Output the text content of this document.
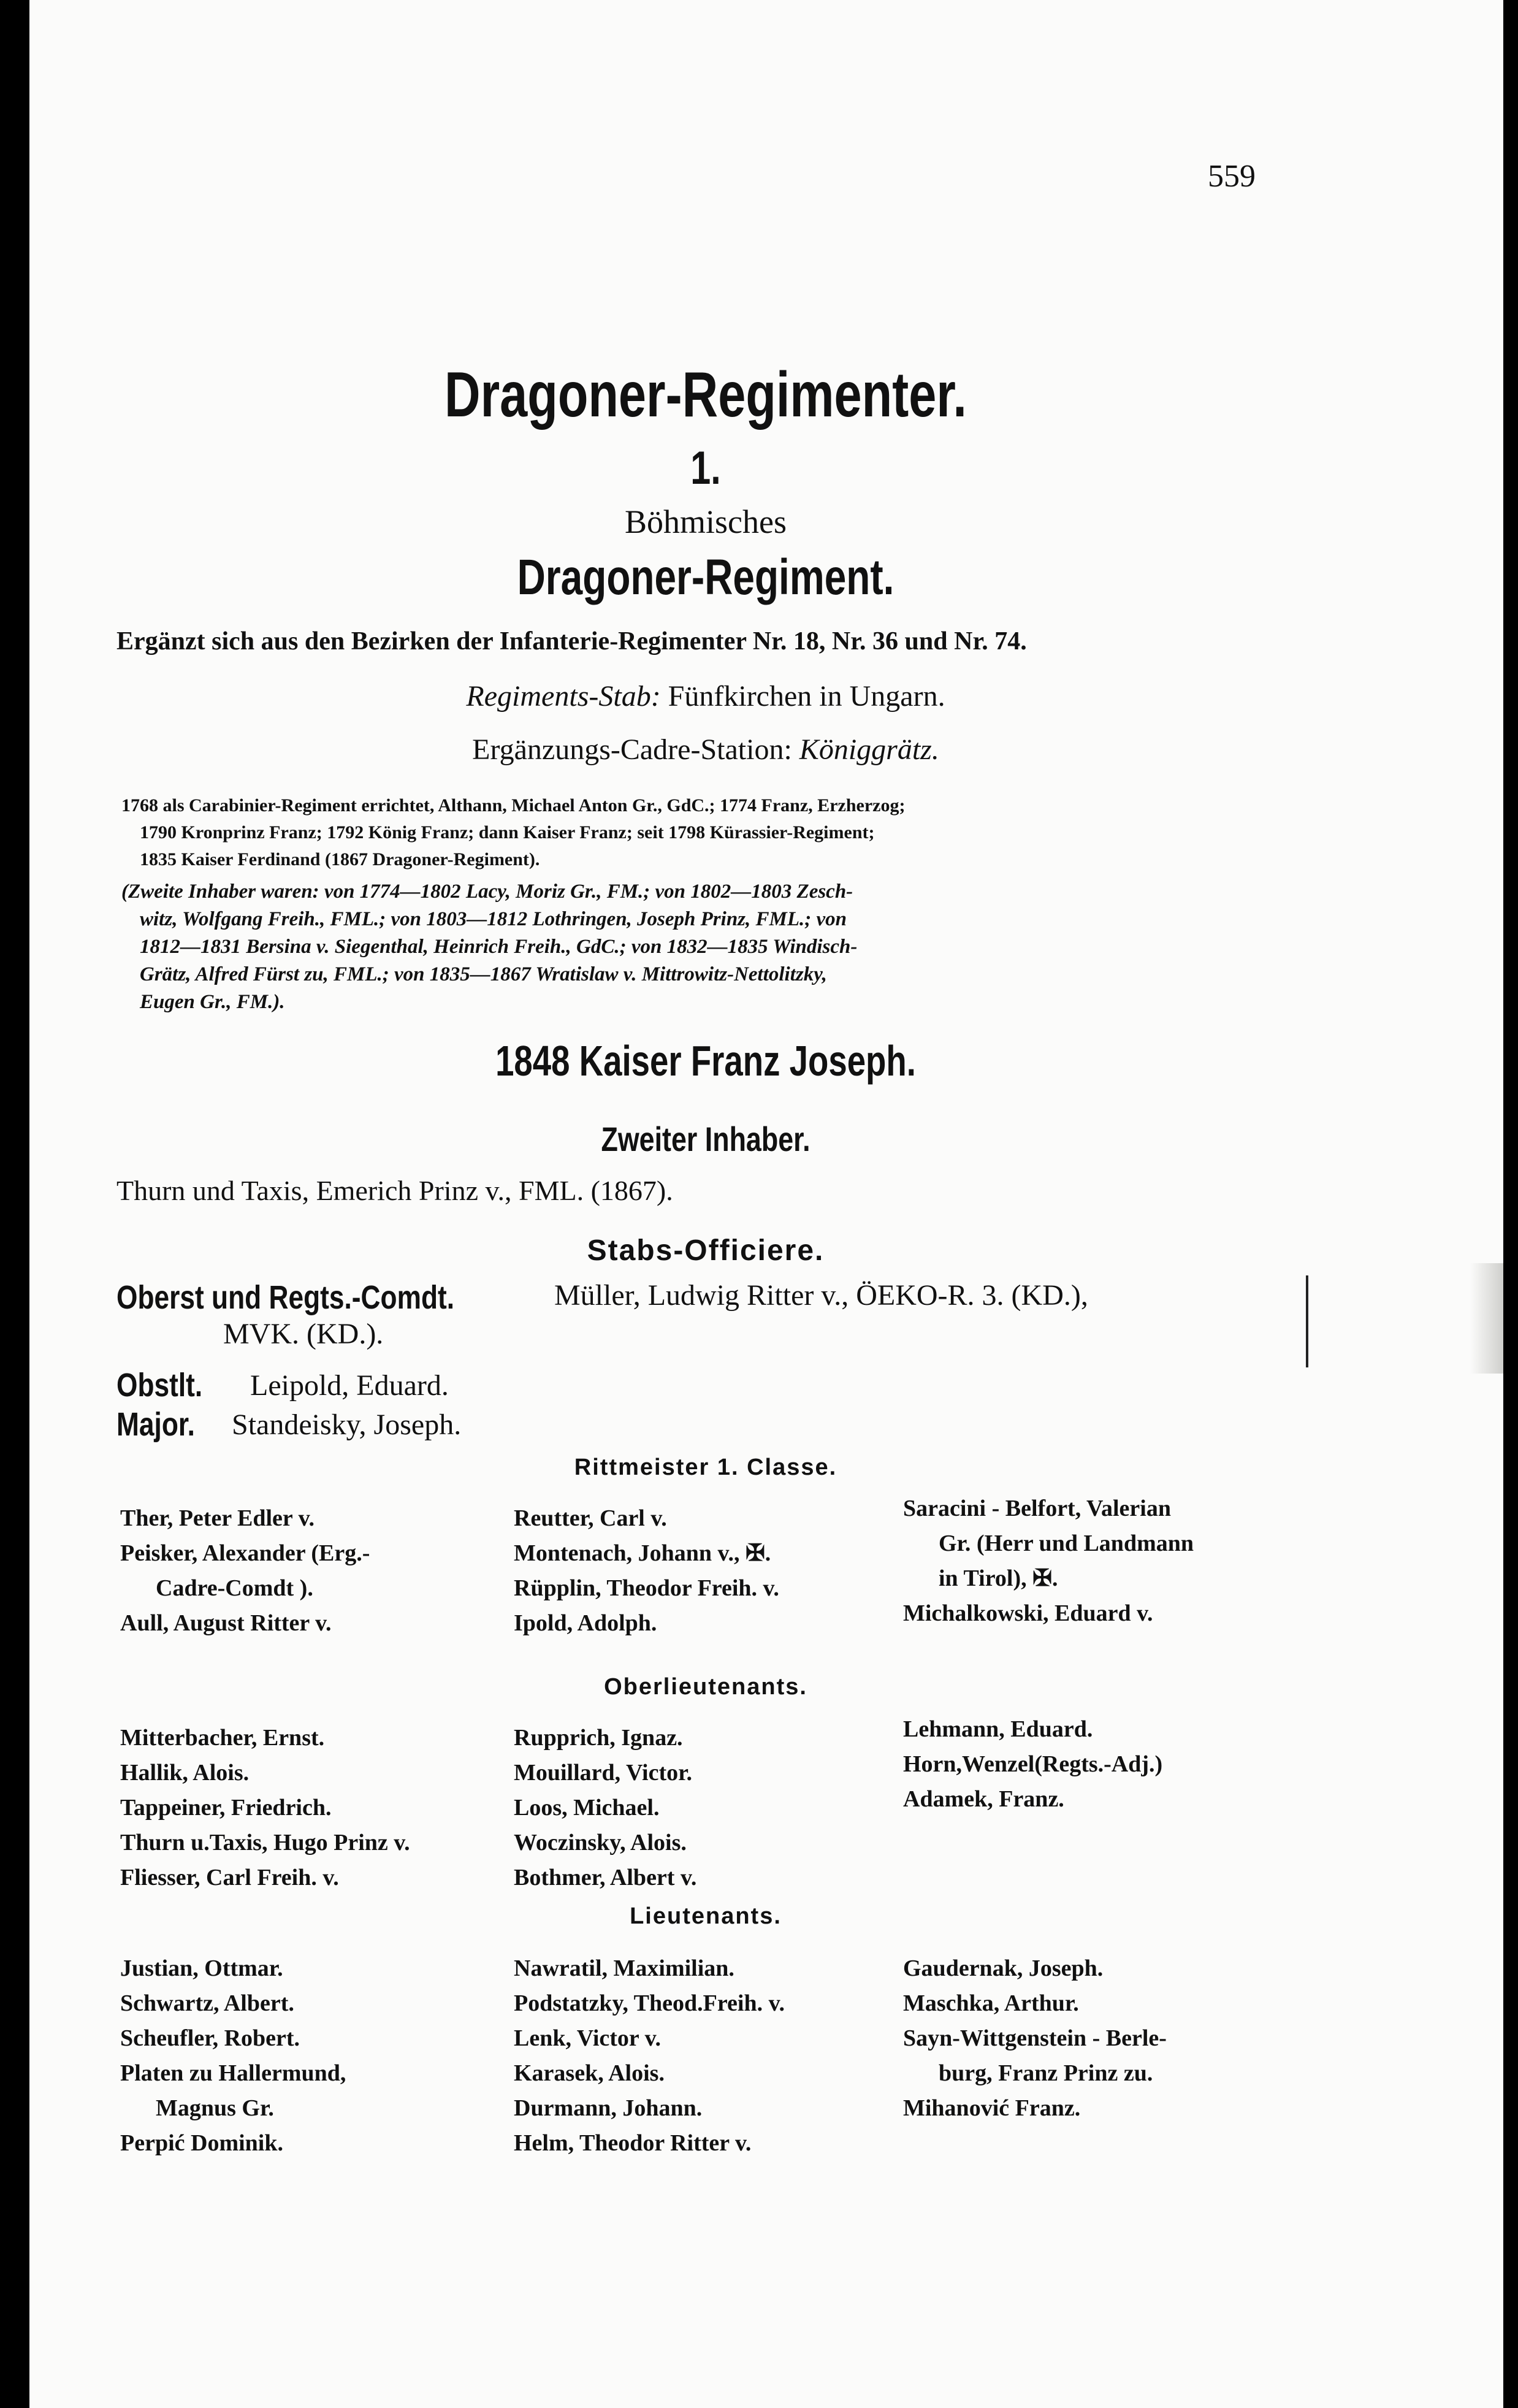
559
Dragoner-Regimenter.
1.
Böhmisches
Dragoner-Regiment.
Ergänzt sich aus den Bezirken der Infanterie-Regimenter Nr. 18, Nr. 36 und Nr. 74.
Regiments-Stab: Fünfkirchen in Ungarn.
Ergänzungs-Cadre-Station: Königgrätz.

1768 als Carabinier-Regiment errichtet, Althann, Michael Anton Gr., GdC.; 1774 Franz, Erzherzog;

1790 Kronprinz Franz; 1792 König Franz; dann Kaiser Franz; seit 1798 Kürassier-Regiment;

1835 Kaiser Ferdinand (1867 Dragoner-Regiment).

(Zweite Inhaber waren: von 1774—1802 Lacy, Moriz Gr., FM.; von 1802—1803 Zesch-

witz, Wolfgang Freih., FML.; von 1803—1812 Lothringen, Joseph Prinz, FML.; von

1812—1831 Bersina v. Siegenthal, Heinrich Freih., GdC.; von 1832—1835 Windisch-

Grätz, Alfred Fürst zu, FML.; von 1835—1867 Wratislaw v. Mittrowitz-Nettolitzky,

Eugen Gr., FM.).

1848 Kaiser Franz Joseph.
Zweiter Inhaber.
Thurn und Taxis, Emerich Prinz v., FML. (1867).
Stabs-Officiere.
Oberst und Regts.-Comdt.	Müller, Ludwig Ritter v., ÖEKO-R. 3. (KD.),
MVK. (KD.).
Obstlt. Leipold, Eduard.
Major. Standeisky, Joseph.
Rittmeister 1. Classe.
Ther, Peter Edler v.
Peisker, Alexander (Erg.-
Cadre-Comdt ).
Aull, August Ritter v.
Reutter, Carl v.
Montenach, Johann v., ✠.
Rüpplin, Theodor Freih. v.
Ipold, Adolph.
Saracini - Belfort, Valerian
Gr. (Herr und Landmann
in Tirol), ✠.
Michalkowski, Eduard v.
Oberlieutenants.
Mitterbacher, Ernst.
Hallik, Alois.
Tappeiner, Friedrich.
Thurn u.Taxis, Hugo Prinz v.
Fliesser, Carl Freih. v.
Rupprich, Ignaz.
Mouillard, Victor.
Loos, Michael.
Woczinsky, Alois.
Bothmer, Albert v.
Lehmann, Eduard.
Horn,Wenzel(Regts.-Adj.)
Adamek, Franz.
Lieutenants.
Justian, Ottmar.
Schwartz, Albert.
Scheufler, Robert.
Platen zu Hallermund,
Magnus Gr.
Perpić Dominik.
Nawratil, Maximilian.
Podstatzky, Theod.Freih. v.
Lenk, Victor v.
Karasek, Alois.
Durmann, Johann.
Helm, Theodor Ritter v.
Gaudernak, Joseph.
Maschka, Arthur.
Sayn-Wittgenstein - Berle-
burg, Franz Prinz zu.
Mihanović Franz.
